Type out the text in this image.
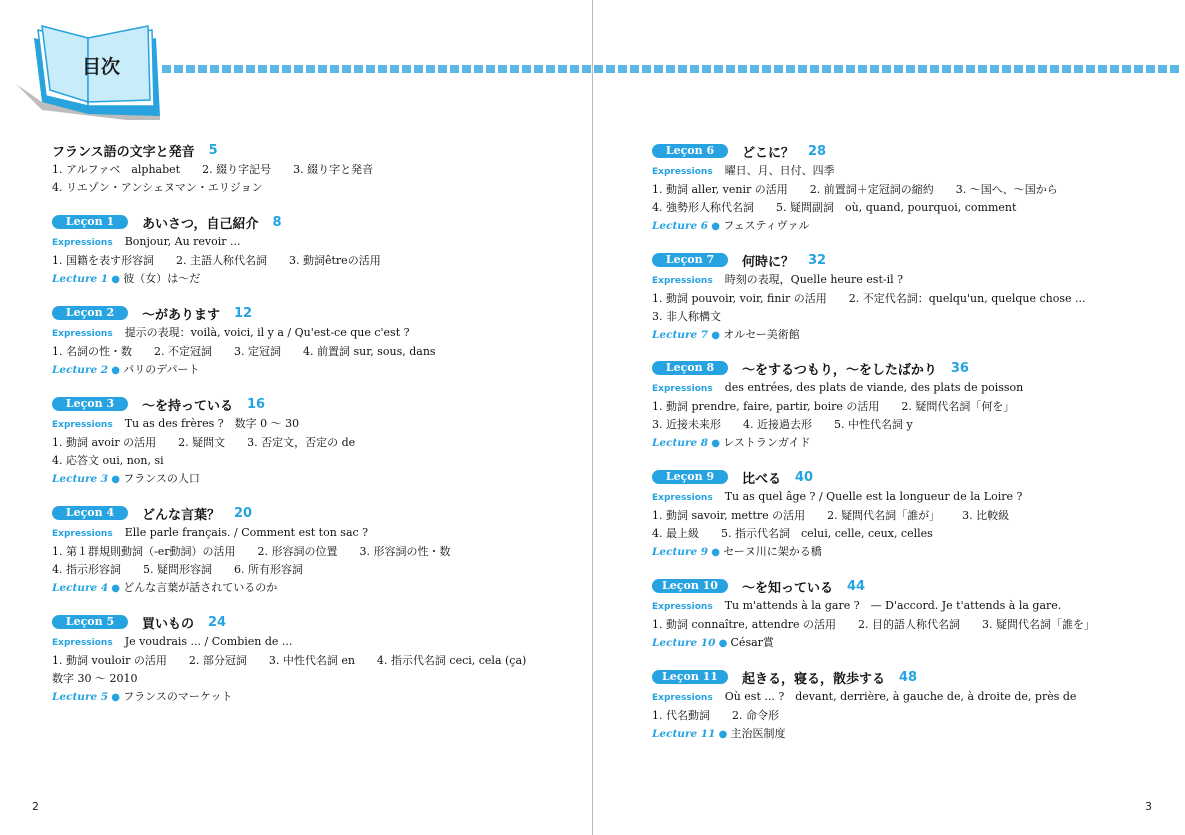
目次
フランス語の文字と発音 5
1. アルファベ　alphabet 2. 綴り字記号 3. 綴り字と発音
4. リエゾン・アンシェヌマン・エリジョン
Leçon 1	あいさつ，自己紹介 8
Expressions Bonjour, Au revoir ...
1. 国籍を表す形容詞 2. 主語人称代名詞 3. 動詞êtreの活用
Lecture 1 ● 彼（女）は〜だ
Leçon 2	〜があります 12
Expressions 提示の表現：voilà, voici, il y a / Qu'est-ce que c'est ?
1. 名詞の性・数 2. 不定冠詞 3. 定冠詞 4. 前置詞 sur, sous, dans
Lecture 2 ● パリのデパート
Leçon 3	〜を持っている 16
Expressions Tu as des frères ?　数字 0 ～ 30
1. 動詞 avoir の活用 2. 疑問文 3. 否定文，否定の de
4. 応答文 oui, non, si
Lecture 3 ● フランスの人口
Leçon 4	どんな言葉？ 20
Expressions Elle parle français. / Comment est ton sac ?
1. 第１群規則動詞（-er動詞）の活用 2. 形容詞の位置 3. 形容詞の性・数
4. 指示形容詞 5. 疑問形容詞 6. 所有形容詞
Lecture 4 ● どんな言葉が話されているのか
Leçon 5	買いもの 24
Expressions Je voudrais ... / Combien de ...
1. 動詞 vouloir の活用 2. 部分冠詞 3. 中性代名詞 en 4. 指示代名詞 ceci, cela (ça)
数字 30 ～ 2010
Lecture 5 ● フランスのマーケット
Leçon 6	どこに？ 28
Expressions 曜日、月、日付、四季
1. 動詞 aller, venir の活用 2. 前置詞＋定冠詞の縮約 3. ～国へ、～国から
4. 強勢形人称代名詞 5. 疑問副詞　où, quand, pourquoi, comment
Lecture 6 ● フェスティヴァル
Leçon 7	何時に？ 32
Expressions 時刻の表現，Quelle heure est-il ?
1. 動詞 pouvoir, voir, finir の活用 2. 不定代名詞：quelqu'un, quelque chose ...
3. 非人称構文
Lecture 7 ● オルセー美術館
Leçon 8	〜をするつもり，〜をしたばかり 36
Expressions des entrées, des plats de viande, des plats de poisson
1. 動詞 prendre, faire, partir, boire の活用 2. 疑問代名詞「何を」
3. 近接未来形 4. 近接過去形 5. 中性代名詞 y
Lecture 8 ● レストランガイド
Leçon 9	比べる 40
Expressions Tu as quel âge ? / Quelle est la longueur de la Loire ?
1. 動詞 savoir, mettre の活用 2. 疑問代名詞「誰が」 3. 比較級
4. 最上級 5. 指示代名詞　celui, celle, ceux, celles
Lecture 9 ● セーヌ川に架かる橋
Leçon 10	〜を知っている 44
Expressions Tu m'attends à la gare ?　— D'accord. Je t'attends à la gare.
1. 動詞 connaître, attendre の活用 2. 目的語人称代名詞 3. 疑問代名詞「誰を」
Lecture 10 ● César賞
Leçon 11	起きる，寝る，散歩する 48
Expressions Où est ... ?　devant, derrière, à gauche de, à droite de, près de
1. 代名動詞 2. 命令形
Lecture 11 ● 主治医制度
2	3
